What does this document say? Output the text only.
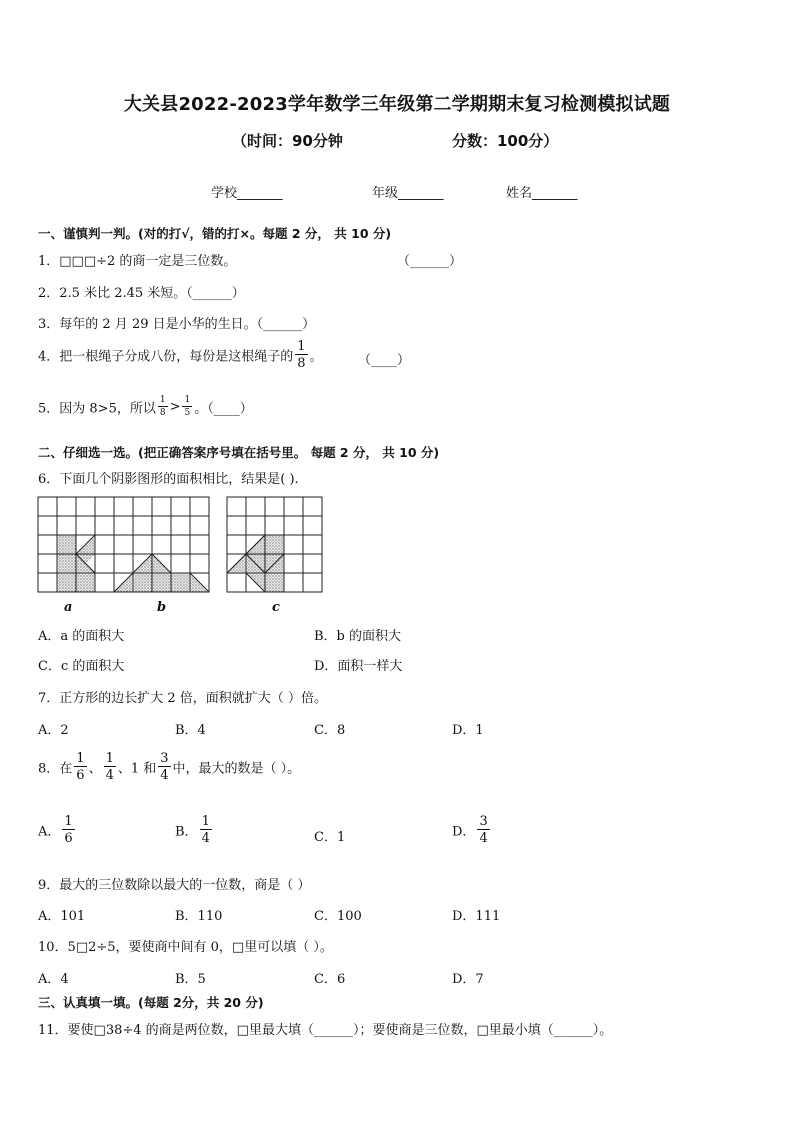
大关县2022-2023学年数学三年级第二学期期末复习检测模拟试题
（时间：90分钟	分数：100分）
学校_______	年级_______	姓名_______
一、谨慎判一判。(对的打√，错的打×。每题 2 分， 共 10 分)
1．□□□÷2 的商一定是三位数。	（______）
2．2.5 米比 2.45 米短。（______）
3．每年的 2 月 29 日是小华的生日。（______）
4．把一根绳子分成八份，每份是这根绳子的 $\frac{1}{8}$ 。	（____）
5．因为 8>5，所以 $\frac{1}{8} > \frac{1}{5}$ 。（____）
二、仔细选一选。(把正确答案序号填在括号里。 每题 2 分， 共 10 分)
6．下面几个阴影图形的面积相比，结果是( ).
a	b	c
A．a 的面积大	B．b 的面积大
C．c 的面积大	D．面积一样大
7．正方形的边长扩大 2 倍，面积就扩大（ ）倍。
A．2	B．4	C．8	D．1
8．在 $\frac{1}{6}$ 、 $\frac{1}{4}$ 、1 和 $\frac{3}{4}$ 中，最大的数是（ ）。
A． $\frac{1}{6}$	B． $\frac{1}{4}$	C．1	D． $\frac{3}{4}$
9．最大的三位数除以最大的一位数，商是（ ）
A．101	B．110	C．100	D．111
10．5□2÷5，要使商中间有 0，□里可以填（ ）。
A．4	B．5	C．6	D．7
三、认真填一填。(每题 2分，共 20 分)
11．要使□38÷4 的商是两位数，□里最大填（______）；要使商是三位数，□里最小填（______）。
